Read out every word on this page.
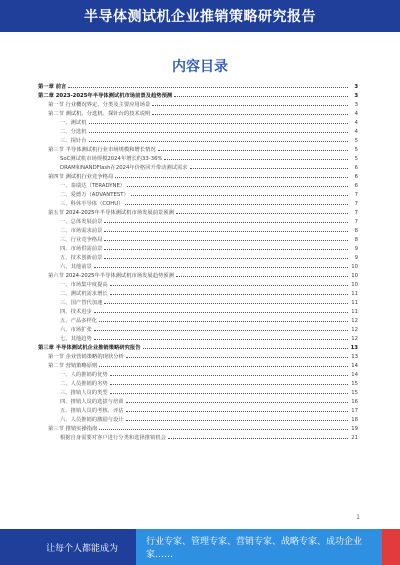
半导体测试机企业推销策略研究报告
内容目录
第一章 前言	3
第二章 2023-2025年半导体测试机市场前景及趋势预测	3
第一节 行业概况界定、分类及主要应用场景	3
第二节 测试机、分选机、探针台的技术说明	4
一、测试机	4
二、分选机	4
三、探针台	5
第三节 半导体测试机行业市场规模和增长情况	5
SoC测试机市场规模2024年增长约33-36%	5
DRAM和NANDFlash在2024年价格回升带动测试需求	6
第四节 测试机行业竞争格局	6
一、泰瑞达（TERADYNE）	6
二、爱德万（ADVANTEST）	7
三、科休半导体（COHU）	7
第五节 2024-2025年半导体测试机市场发展前景预测	7
一、总体发展前景	7
二、市场需求前景	8
三、行业竞争格局	8
四、市场供需前景	9
五、技术创新前景	9
六、其他前景	10
第六节 2024-2025年半导体测试机市场发展趋势预测	10
一、市场集中度提高	10
二、测试机需求增长	11
三、国产替代加速	11
四、技术进步	11
五、产品多样化	12
六、市场扩张	12
七、其他趋势	12
第三章 半导体测试机企业推销策略研究报告	13
第一节 企业营销策略的现状分析	13
第二节 营销策略原则	14
一、人的推销的优势	14
二、人员推销的劣势	15
三、推销人员的类型	15
四、推销人员的选拔与培训	16
五、推销人员的考核、评估	17
六、人员推销的激励与设计	18
第三节 推销实操指南	19
根据自身需要对客户进行分类和选择推销机会	21
1
让每个人都能成为
行业专家、管理专家、营销专家、战略专家、成功企业家……
